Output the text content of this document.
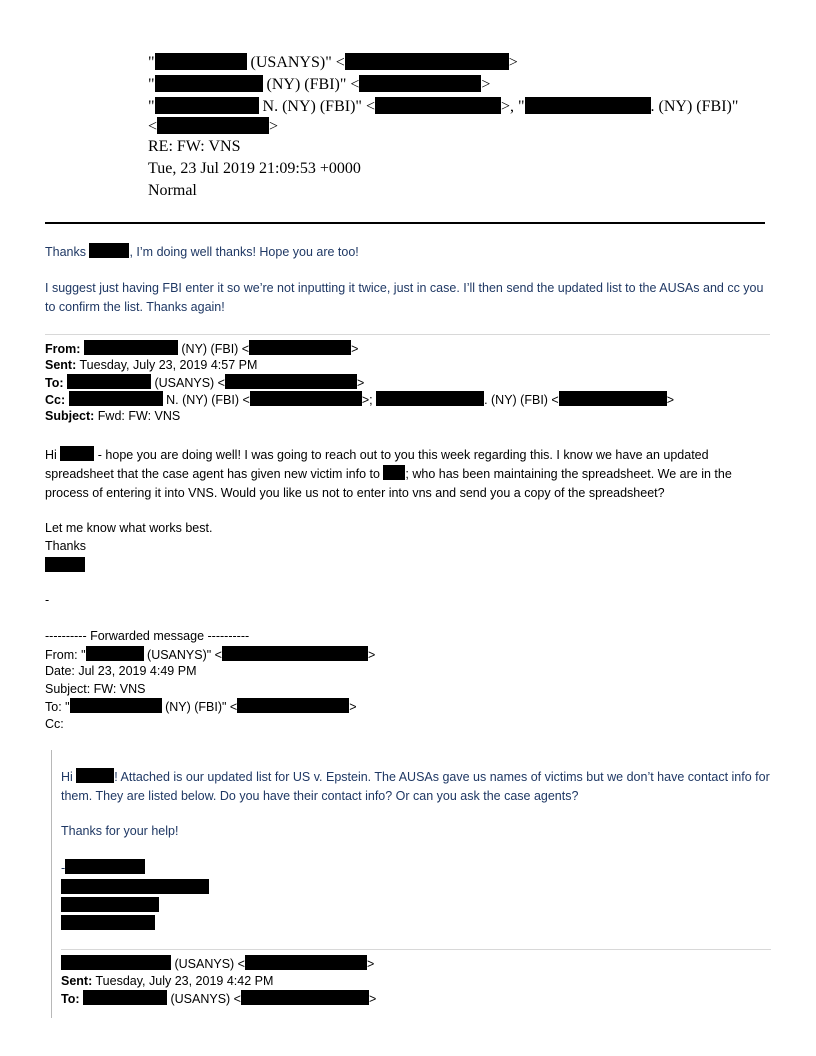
"	(USANYS)" <	>
"	(NY) (FBI)" <	>
"	N. (NY) (FBI)" <	>, "	. (NY) (FBI)"
<	>
RE: FW: VNS
Tue, 23 Jul 2019 21:09:53 +0000
Normal
Thanks	, I’m doing well thanks! Hope you are too!
I suggest just having FBI enter it so we’re not inputting it twice, just in case. I’ll then send the updated list to the AUSAs and cc you to confirm the list. Thanks again!
From:	(NY) (FBI) <	>
Sent: Tuesday, July 23, 2019 4:57 PM
To:	(USANYS) <	>
Cc:	N. (NY) (FBI) <	>;	. (NY) (FBI) <	>
Subject: Fwd: FW: VNS
Hi	- hope you are doing well! I was going to reach out to you this week regarding this. I know we have an updated spreadsheet that the case agent has given new victim info to ; who has been maintaining the spreadsheet. We are in the process of entering it into VNS. Would you like us not to enter into vns and send you a copy of the spreadsheet?
Let me know what works best.
Thanks
-
---------- Forwarded message ----------
From: "	(USANYS)" <	>
Date: Jul 23, 2019 4:49 PM
Subject: FW: VNS
To: "	(NY) (FBI)" <	>
Cc:
Hi	! Attached is our updated list for US v. Epstein. The AUSAs gave us names of victims but we don’t have contact info for them. They are listed below. Do you have their contact info? Or can you ask the case agents?
Thanks for your help!
-
(USANYS) <	>
Sent: Tuesday, July 23, 2019 4:42 PM
To:	(USANYS) <	>
